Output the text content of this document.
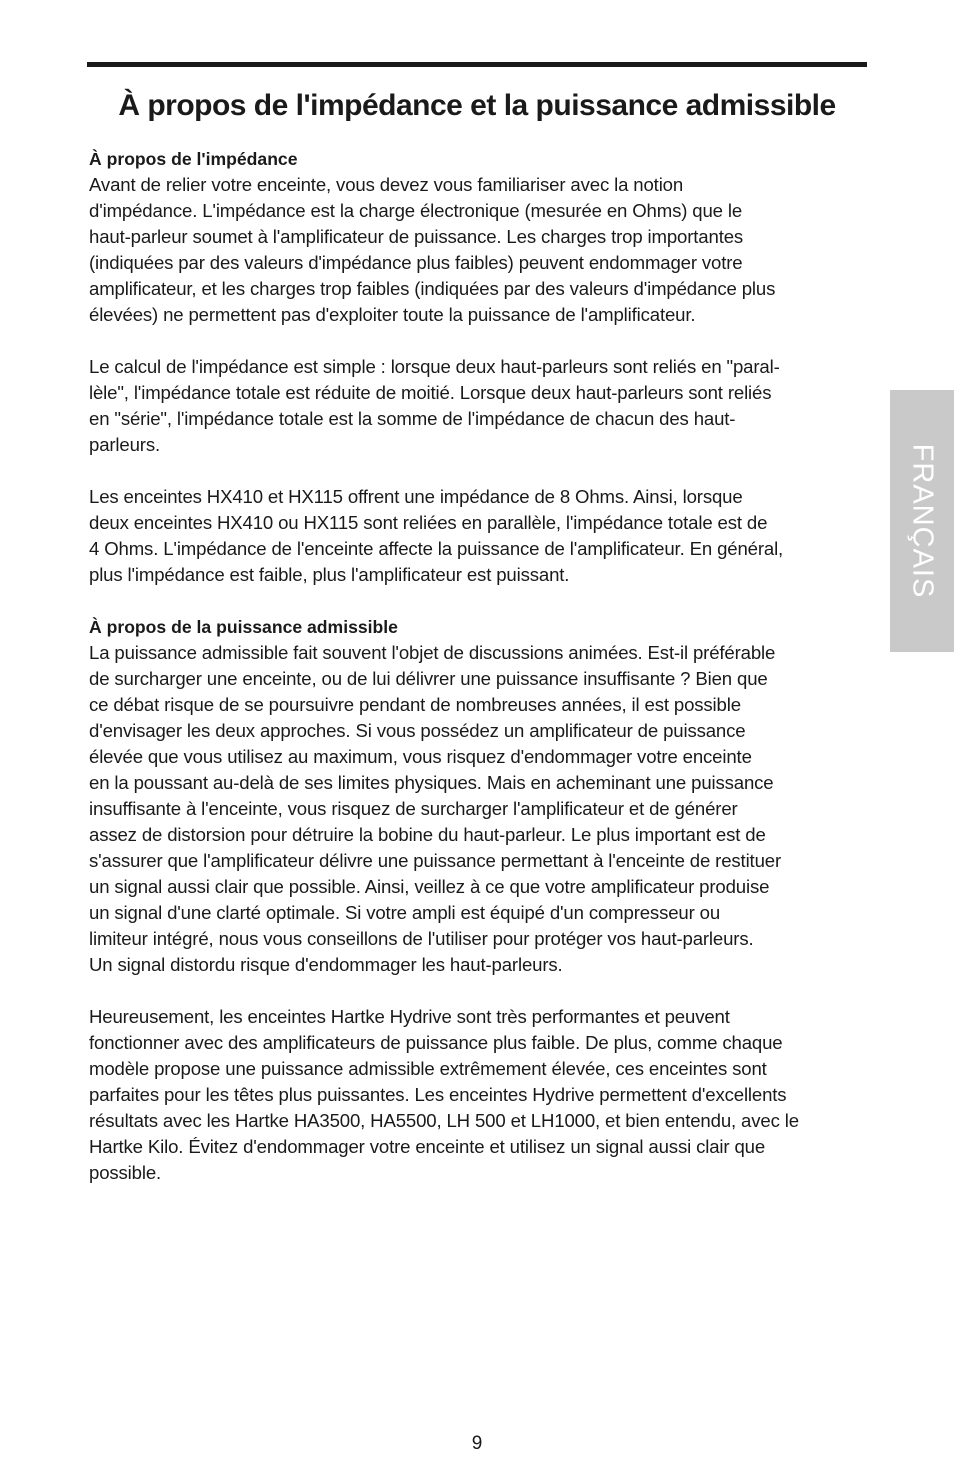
À propos de l'impédance et la puissance admissible

À propos de l'impédance

Avant de relier votre enceinte, vous devez vous familiariser avec la notion

d'impédance. L'impédance est la charge électronique (mesurée en Ohms) que le

haut-parleur soumet à l'amplificateur de puissance. Les charges trop importantes

(indiquées par des valeurs d'impédance plus faibles) peuvent endommager votre

amplificateur, et les charges trop faibles (indiquées par des valeurs d'impédance plus

élevées) ne permettent pas d'exploiter toute la puissance de l'amplificateur.

Le calcul de l'impédance est simple : lorsque deux haut-parleurs sont reliés en "paral-

lèle", l'impédance totale est réduite de moitié. Lorsque deux haut-parleurs sont reliés

en "série", l'impédance totale est la somme de l'impédance de chacun des haut-

parleurs.

Les enceintes HX410 et HX115 offrent une impédance de 8 Ohms. Ainsi, lorsque

deux enceintes HX410 ou HX115 sont reliées en parallèle, l'impédance totale est de

4 Ohms. L'impédance de l'enceinte affecte la puissance de l'amplificateur. En général,

plus l'impédance est faible, plus l'amplificateur est puissant.

À propos de la puissance admissible

La puissance admissible fait souvent l'objet de discussions animées. Est-il préférable

de surcharger une enceinte, ou de lui délivrer une puissance insuffisante ? Bien que

ce débat risque de se poursuivre pendant de nombreuses années, il est possible

d'envisager les deux approches. Si vous possédez un amplificateur de puissance

élevée que vous utilisez au maximum, vous risquez d'endommager votre enceinte

en la poussant au-delà de ses limites physiques. Mais en acheminant une puissance

insuffisante à l'enceinte, vous risquez de surcharger l'amplificateur et de générer

assez de distorsion pour détruire la bobine du haut-parleur. Le plus important est de

s'assurer que l'amplificateur délivre une puissance permettant à l'enceinte de restituer

un signal aussi clair que possible. Ainsi, veillez à ce que votre amplificateur produise

un signal d'une clarté optimale. Si votre ampli est équipé d'un compresseur ou

limiteur intégré, nous vous conseillons de l'utiliser pour protéger vos haut-parleurs.

Un signal distordu risque d'endommager les haut-parleurs.

Heureusement, les enceintes Hartke Hydrive sont très performantes et peuvent

fonctionner avec des amplificateurs de puissance plus faible. De plus, comme chaque

modèle propose une puissance admissible extrêmement élevée, ces enceintes sont

parfaites pour les têtes plus puissantes. Les enceintes Hydrive permettent d'excellents

résultats avec les Hartke HA3500, HA5500, LH 500 et LH1000, et bien entendu, avec le

Hartke Kilo. Évitez d'endommager votre enceinte et utilisez un signal aussi clair que

possible.

FRANÇAIS
9
